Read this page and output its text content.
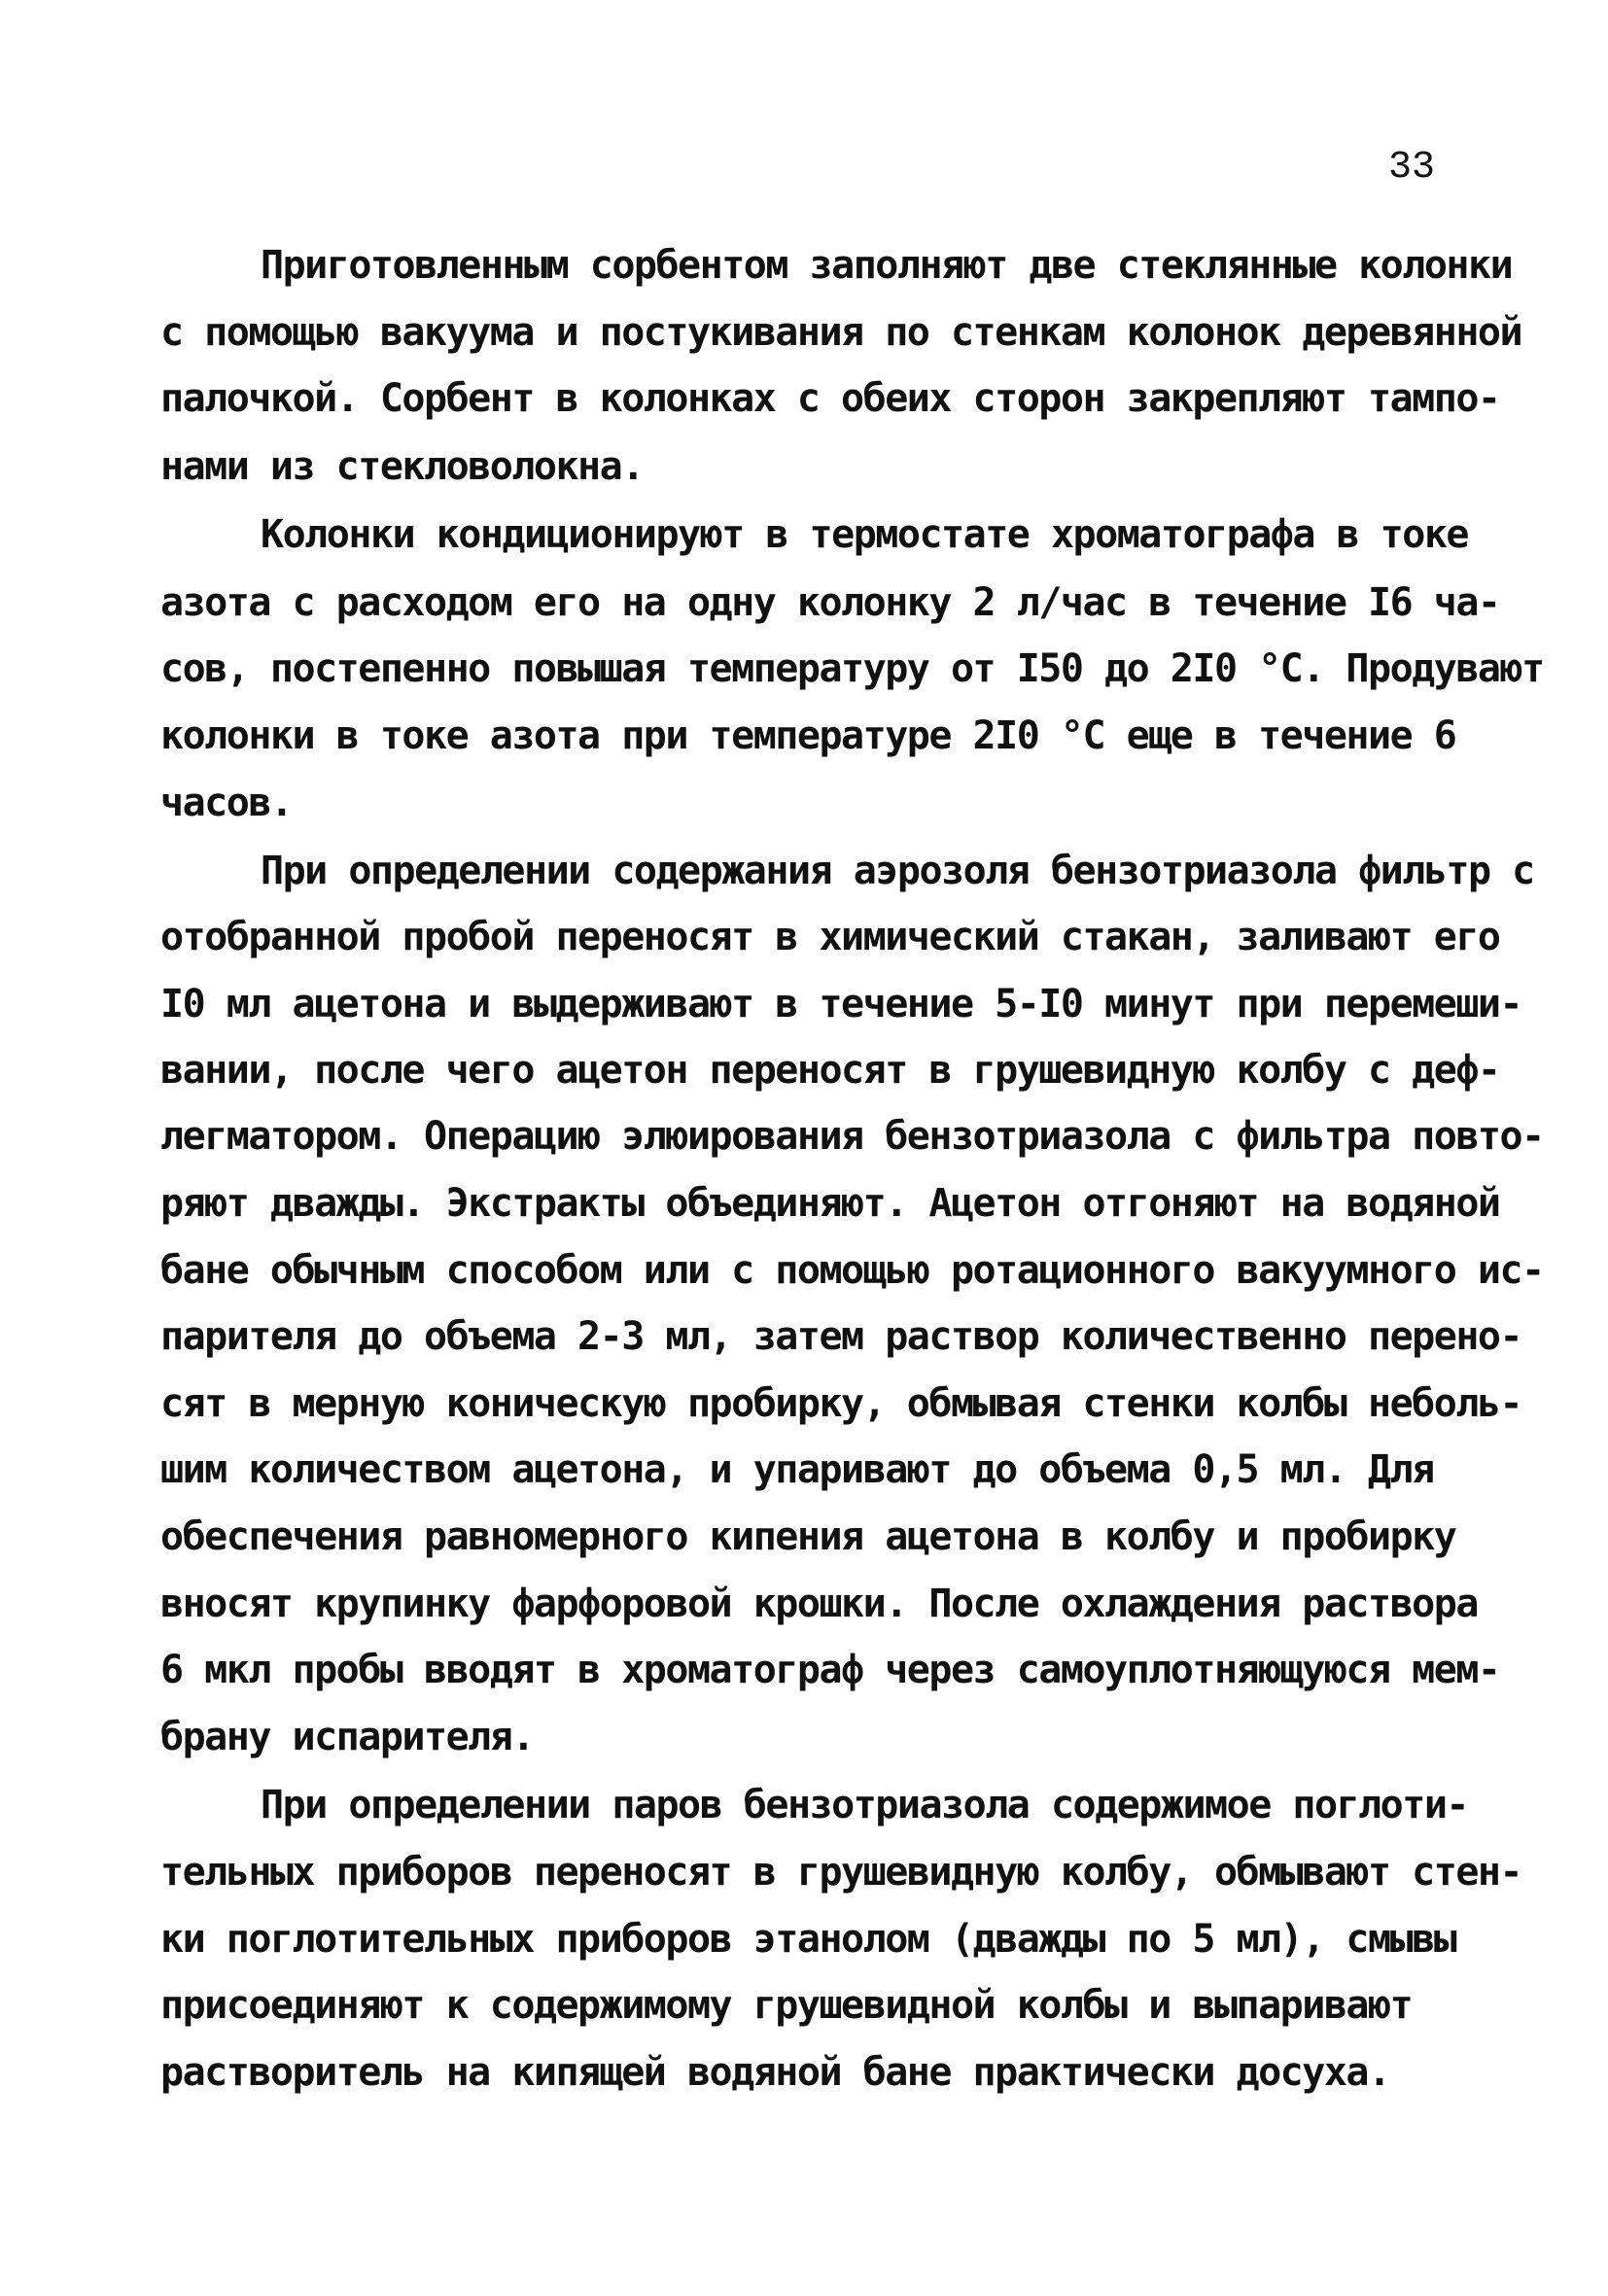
33
Приготовленным сорбентом заполняют две стеклянные колонки
с помощью вакуума и постукивания по стенкам колонок деревянной
палочкой. Сорбент в колонках с обеих сторон закрепляют тампо-
нами из стекловолокна.
Колонки кондиционируют в термостате хроматографа в токе
азота с расходом его на одну колонку 2 л/час в течение I6 ча-
сов, постепенно повышая температуру от I50 до 2I0 °C. Продувают
колонки в токе азота при температуре 2I0 °C еще в течение 6
часов.
При определении содержания аэрозоля бензотриазола фильтр с
отобранной пробой переносят в химический стакан, заливают его
I0 мл ацетона и выдерживают в течение 5-I0 минут при перемеши-
вании, после чего ацетон переносят в грушевидную колбу с деф-
легматором. Операцию элюирования бензотриазола с фильтра повто-
ряют дважды. Экстракты объединяют. Ацетон отгоняют на водяной
бане обычным способом или с помощью ротационного вакуумного ис-
парителя до объема 2-3 мл, затем раствор количественно перено-
сят в мерную коническую пробирку, обмывая стенки колбы неболь-
шим количеством ацетона, и упаривают до объема 0,5 мл. Для
обеспечения равномерного кипения ацетона в колбу и пробирку
вносят крупинку фарфоровой крошки. После охлаждения раствора
6 мкл пробы вводят в хроматограф через самоуплотняющуюся мем-
брану испарителя.
При определении паров бензотриазола содержимое поглоти-
тельных приборов переносят в грушевидную колбу, обмывают стен-
ки поглотительных приборов этанолом (дважды по 5 мл), смывы
присоединяют к содержимому грушевидной колбы и выпаривают
растворитель на кипящей водяной бане практически досуха.
